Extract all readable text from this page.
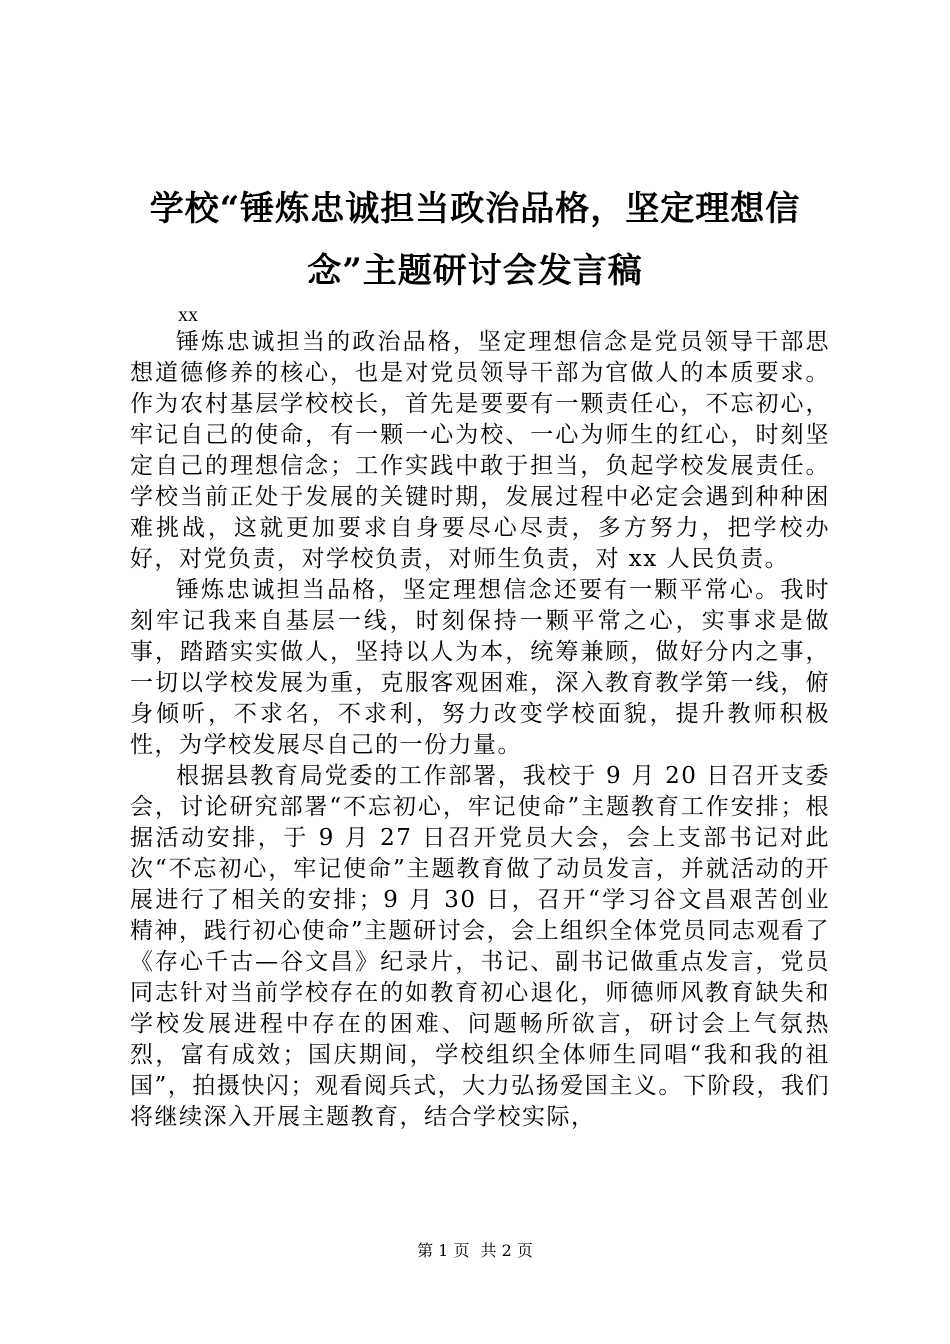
学校“锤炼忠诚担当政治品格，坚定理想信
念”主题研讨会发言稿
xx

锤炼忠诚担当的政治品格，坚定理想信念是党员领导干部思想道德修养的核心，也是对党员领导干部为官做人的本质要求。作为农村基层学校校长，首先是要要有一颗责任心，不忘初心，牢记自己的使命，有一颗一心为校、一心为师生的红心，时刻坚定自己的理想信念；工作实践中敢于担当，负起学校发展责任。学校当前正处于发展的关键时期，发展过程中必定会遇到种种困难挑战，这就更加要求自身要尽心尽责，多方努力，把学校办好，对党负责，对学校负责，对师生负责，对 xx 人民负责。

锤炼忠诚担当品格，坚定理想信念还要有一颗平常心。我时刻牢记我来自基层一线，时刻保持一颗平常之心，实事求是做事，踏踏实实做人，坚持以人为本，统筹兼顾，做好分内之事，一切以学校发展为重，克服客观困难，深入教育教学第一线，俯身倾听，不求名，不求利，努力改变学校面貌，提升教师积极性，为学校发展尽自己的一份力量。

根据县教育局党委的工作部署，我校于 9 月 20 日召开支委会，讨论研究部署“不忘初心，牢记使命”主题教育工作安排；根据活动安排，于 9 月 27 日召开党员大会，会上支部书记对此次“不忘初心，牢记使命”主题教育做了动员发言，并就活动的开展进行了相关的安排；9 月 30 日，召开“学习谷文昌艰苦创业精神，践行初心使命”主题研讨会，会上组织全体党员同志观看了《存心千古—谷文昌》纪录片，书记、副书记做重点发言，党员同志针对当前学校存在的如教育初心退化，师德师风教育缺失和学校发展进程中存在的困难、问题畅所欲言，研讨会上气氛热烈，富有成效；国庆期间，学校组织全体师生同唱“我和我的祖国”，拍摄快闪；观看阅兵式，大力弘扬爱国主义。下阶段，我们将继续深入开展主题教育，结合学校实际，

第 1 页 共 2 页
